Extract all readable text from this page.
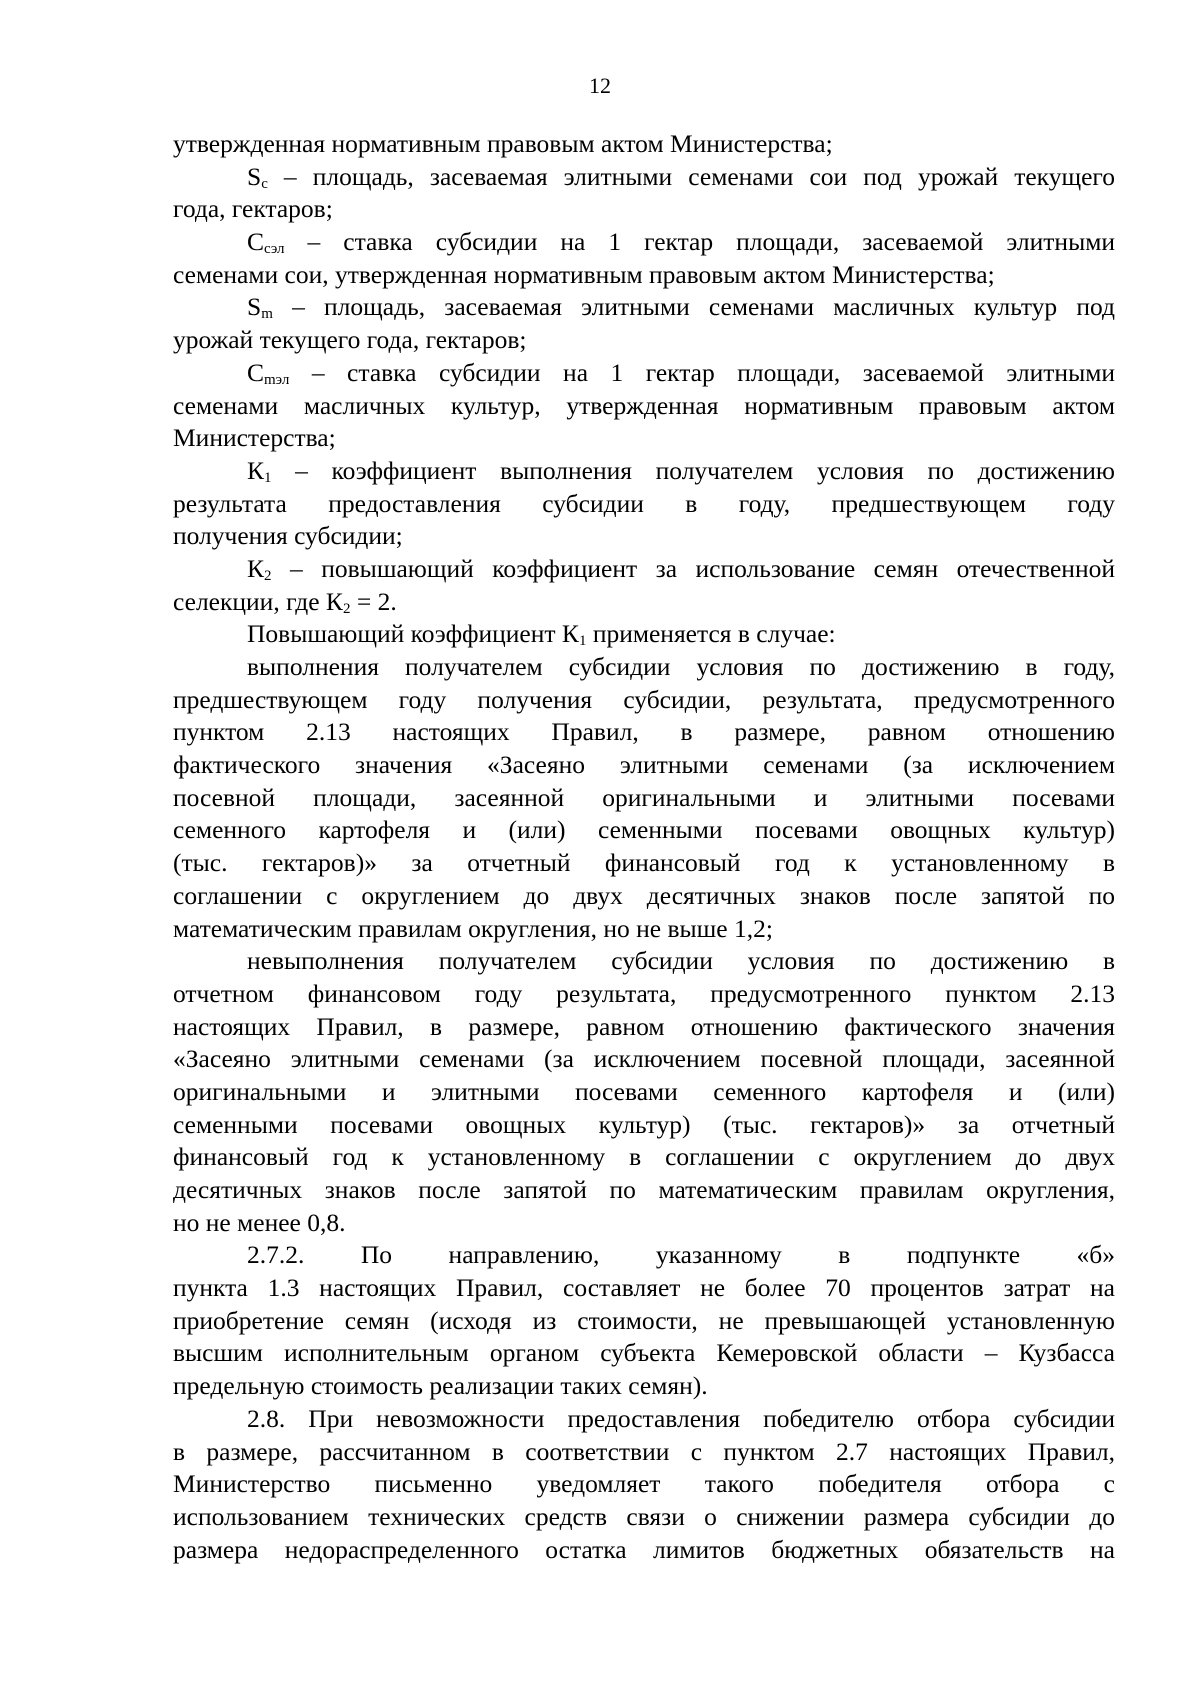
12
утвержденная нормативным правовым актом Министерства;
$S_с$ – площадь, засеваемая элитными семенами сои под урожай текущего
года, гектаров;
$С_{сэл}$ – ставка субсидии на 1 гектар площади, засеваемой элитными
семенами сои, утвержденная нормативным правовым актом Министерства;
$S_m$ – площадь, засеваемая элитными семенами масличных культур под
урожай текущего года, гектаров;
$С_{mэл}$ – ставка субсидии на 1 гектар площади, засеваемой элитными
семенами масличных культур, утвержденная нормативным правовым актом
Министерства;
$К_1$ – коэффициент выполнения получателем условия по достижению
результата предоставления субсидии в году, предшествующем году
получения субсидии;
$К_2$ – повышающий коэффициент за использование семян отечественной
селекции, где $К_2 = 2$.
Повышающий коэффициент $К_1$ применяется в случае:
выполнения получателем субсидии условия по достижению в году,
предшествующем году получения субсидии, результата, предусмотренного
пунктом 2.13 настоящих Правил, в размере, равном отношению
фактического значения «Засеяно элитными семенами (за исключением
посевной площади, засеянной оригинальными и элитными посевами
семенного картофеля и (или) семенными посевами овощных культур)
(тыс. гектаров)» за отчетный финансовый год к установленному в
соглашении с округлением до двух десятичных знаков после запятой по
математическим правилам округления, но не выше 1,2;
невыполнения получателем субсидии условия по достижению в
отчетном финансовом году результата, предусмотренного пунктом 2.13
настоящих Правил, в размере, равном отношению фактического значения
«Засеяно элитными семенами (за исключением посевной площади, засеянной
оригинальными и элитными посевами семенного картофеля и (или)
семенными посевами овощных культур) (тыс. гектаров)» за отчетный
финансовый год к установленному в соглашении с округлением до двух
десятичных знаков после запятой по математическим правилам округления,
но не менее 0,8.
2.7.2. По направлению, указанному в подпункте «б»
пункта 1.3 настоящих Правил, составляет не более 70 процентов затрат на
приобретение семян (исходя из стоимости, не превышающей установленную
высшим исполнительным органом субъекта Кемеровской области – Кузбасса
предельную стоимость реализации таких семян).
2.8. При невозможности предоставления победителю отбора субсидии
в размере, рассчитанном в соответствии с пунктом 2.7 настоящих Правил,
Министерство письменно уведомляет такого победителя отбора с
использованием технических средств связи о снижении размера субсидии до
размера недораспределенного остатка лимитов бюджетных обязательств на
